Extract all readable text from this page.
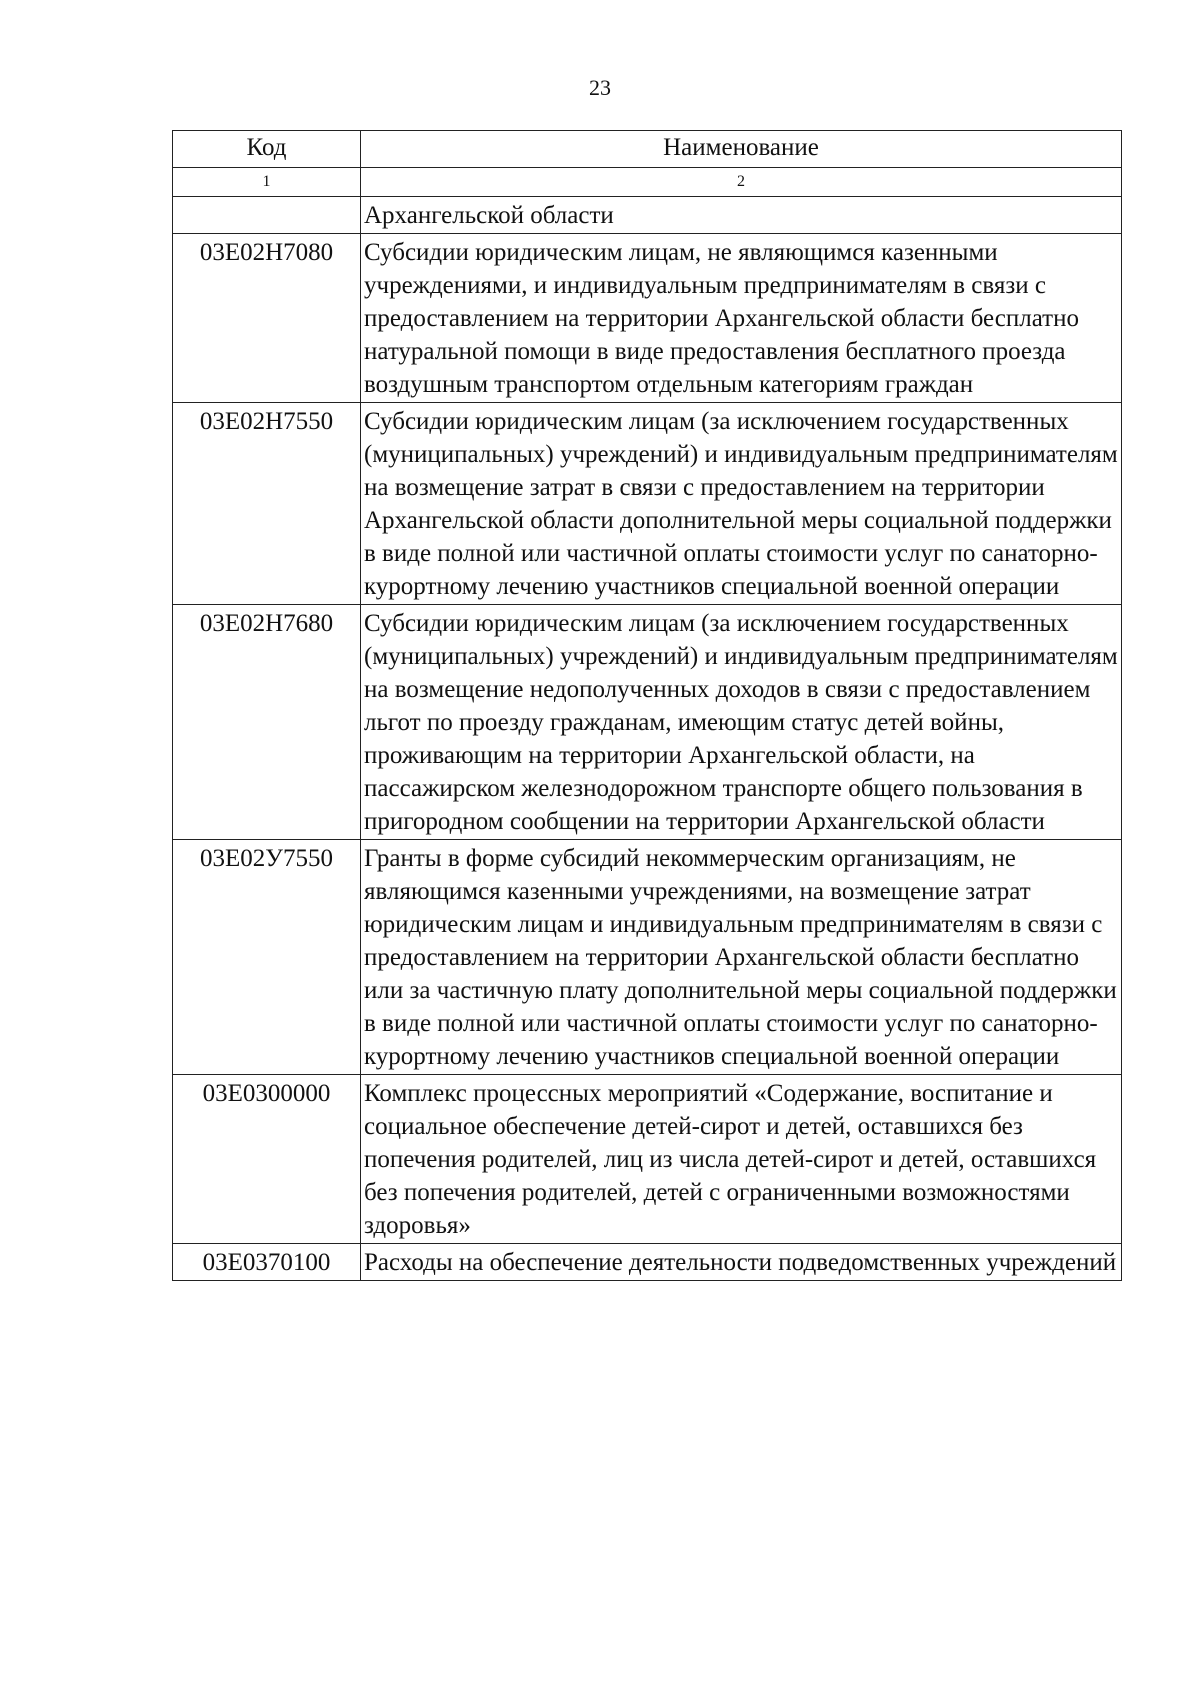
23
Код	Наименование
1	2
	Архангельской области
03Е02Н7080	Субсидии юридическим лицам, не являющимся казенными учреждениями, и индивидуальным предпринимателям в связи с предоставлением на территории Архангельской области бесплатно натуральной помощи в виде предоставления бесплатного проезда воздушным транспортом отдельным категориям граждан
03Е02Н7550	Субсидии юридическим лицам (за исключением государственных (муниципальных) учреждений) и индивидуальным предпринимателям на возмещение затрат в связи с предоставлением на территории Архангельской области дополнительной меры социальной поддержки в виде полной или частичной оплаты стоимости услуг по санаторно-курортному лечению участников специальной военной операции
03Е02Н7680	Субсидии юридическим лицам (за исключением государственных (муниципальных) учреждений) и индивидуальным предпринимателям на возмещение недополученных доходов в связи с предоставлением льгот по проезду гражданам, имеющим статус детей войны, проживающим на территории Архангельской области, на пассажирском железнодорожном транспорте общего пользования в пригородном сообщении на территории Архангельской области
03Е02У7550	Гранты в форме субсидий некоммерческим организациям, не являющимся казенными учреждениями, на возмещение затрат юридическим лицам и индивидуальным предпринимателям в связи с предоставлением на территории Архангельской области бесплатно или за частичную плату дополнительной меры социальной поддержки в виде полной или частичной оплаты стоимости услуг по санаторно-курортному лечению участников специальной военной операции
03Е0300000	Комплекс процессных мероприятий «Содержание, воспитание и социальное обеспечение детей-сирот и детей, оставшихся без попечения родителей, лиц из числа детей-сирот и детей, оставшихся без попечения родителей, детей с ограниченными возможностями здоровья»
03Е0370100	Расходы на обеспечение деятельности подведомственных учреждений
